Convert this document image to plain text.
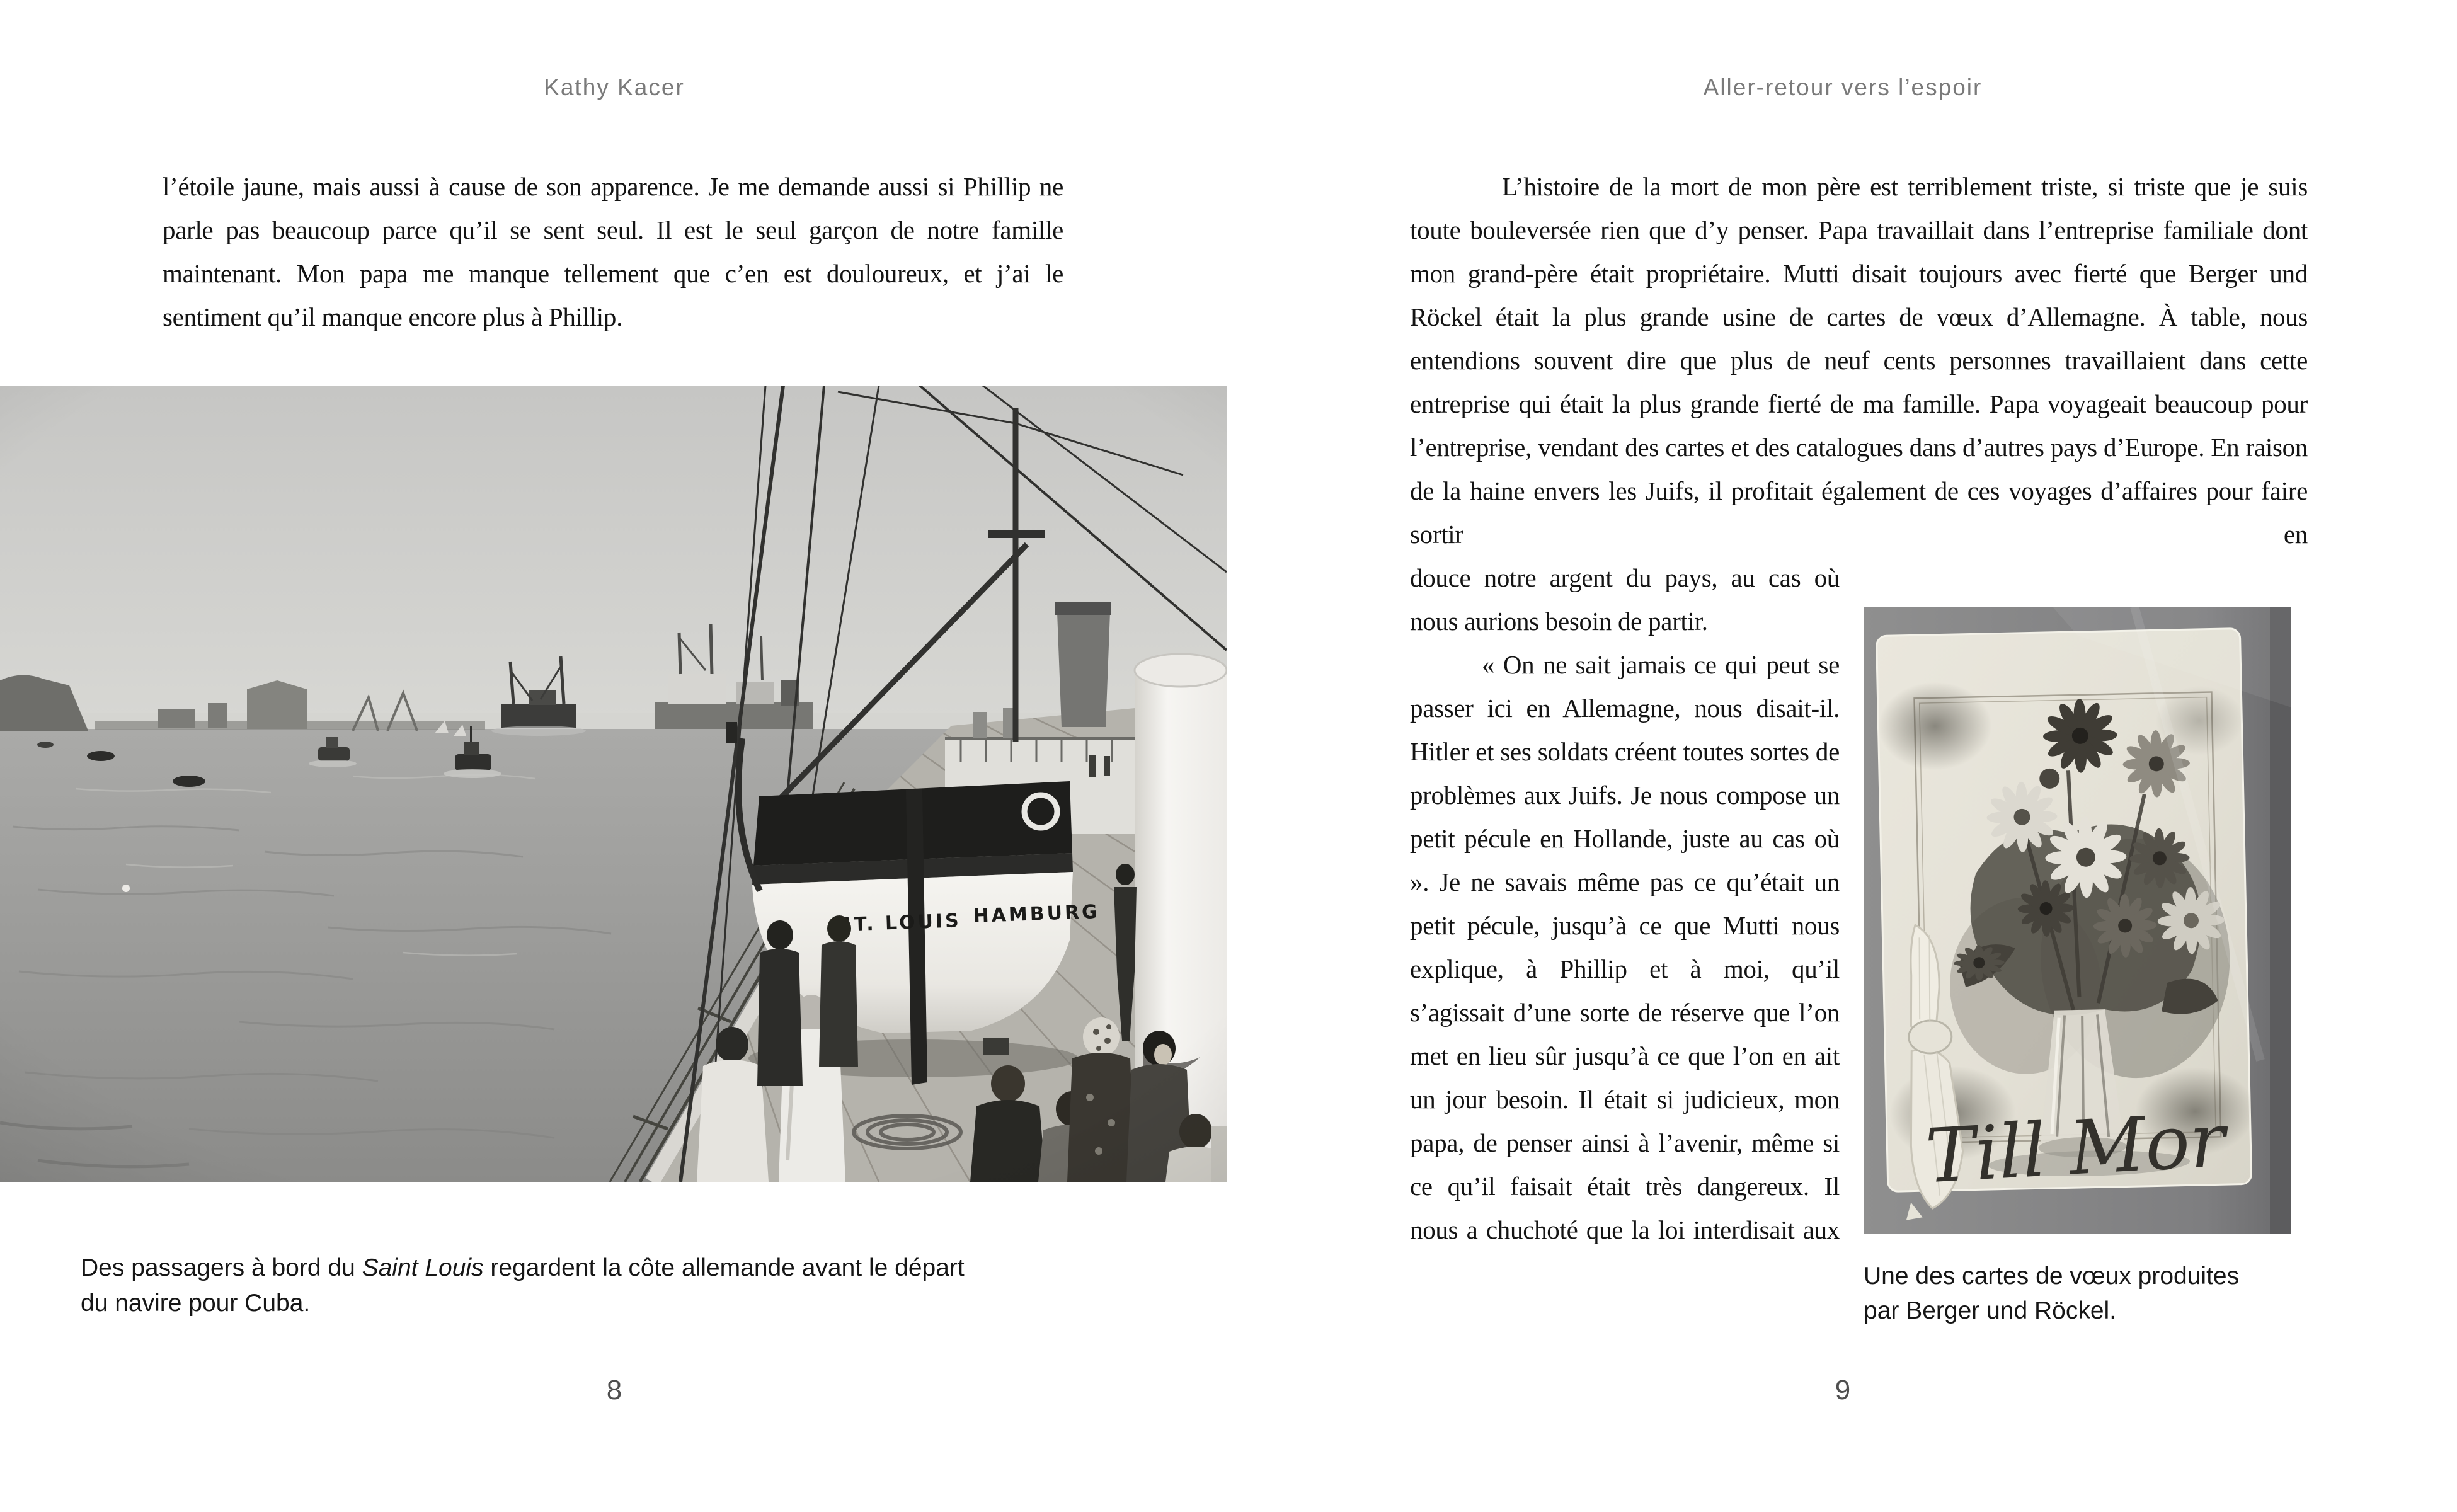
Kathy Kacer
l’étoile jaune, mais aussi à cause de son apparence. Je me demande aussi si Phillip ne parle pas beaucoup parce qu’il se sent seul. Il est le seul garçon de notre famille maintenant. Mon papa me manque tellement que c’en est douloureux, et j’ai le sentiment qu’il manque encore plus à Phillip.
Des passagers à bord du Saint Louis regardent la côte allemande avant le départ du navire pour Cuba.
8
Aller-retour vers l’espoir
L’histoire de la mort de mon père est terriblement triste, si triste que je suis toute bouleversée rien que d’y penser. Papa travaillait dans l’entreprise familiale dont mon grand-père était propriétaire. Mutti disait toujours avec fierté que Berger und Röckel était la plus grande usine de cartes de vœux d’Allemagne. À table, nous entendions souvent dire que plus de neuf cents personnes travaillaient dans cette entreprise qui était la plus grande fierté de ma famille. Papa voyageait beaucoup pour l’entreprise, vendant des cartes et des catalogues dans d’autres pays d’Europe. En raison de la haine envers les Juifs, il profitait également de ces voyages d’affaires pour faire sortir en
douce notre argent du pays, au cas où nous aurions besoin de partir.
« On ne sait jamais ce qui peut se passer ici en Allemagne, nous disait-il. Hitler et ses soldats créent toutes sortes de problèmes aux Juifs. Je nous compose un petit pécule en Hollande, juste au cas où ». Je ne savais même pas ce qu’était un petit pécule, jusqu’à ce que Mutti nous explique, à Phillip et à moi, qu’il s’agissait d’une sorte de réserve que l’on met en lieu sûr jusqu’à ce que l’on en ait un jour besoin. Il était si judicieux, mon papa, de penser ainsi à l’avenir, même si ce qu’il faisait était très dangereux. Il nous a chuchoté que la loi interdisait aux
Till Mor
Une des cartes de vœux produites par Berger und Röckel.
9
